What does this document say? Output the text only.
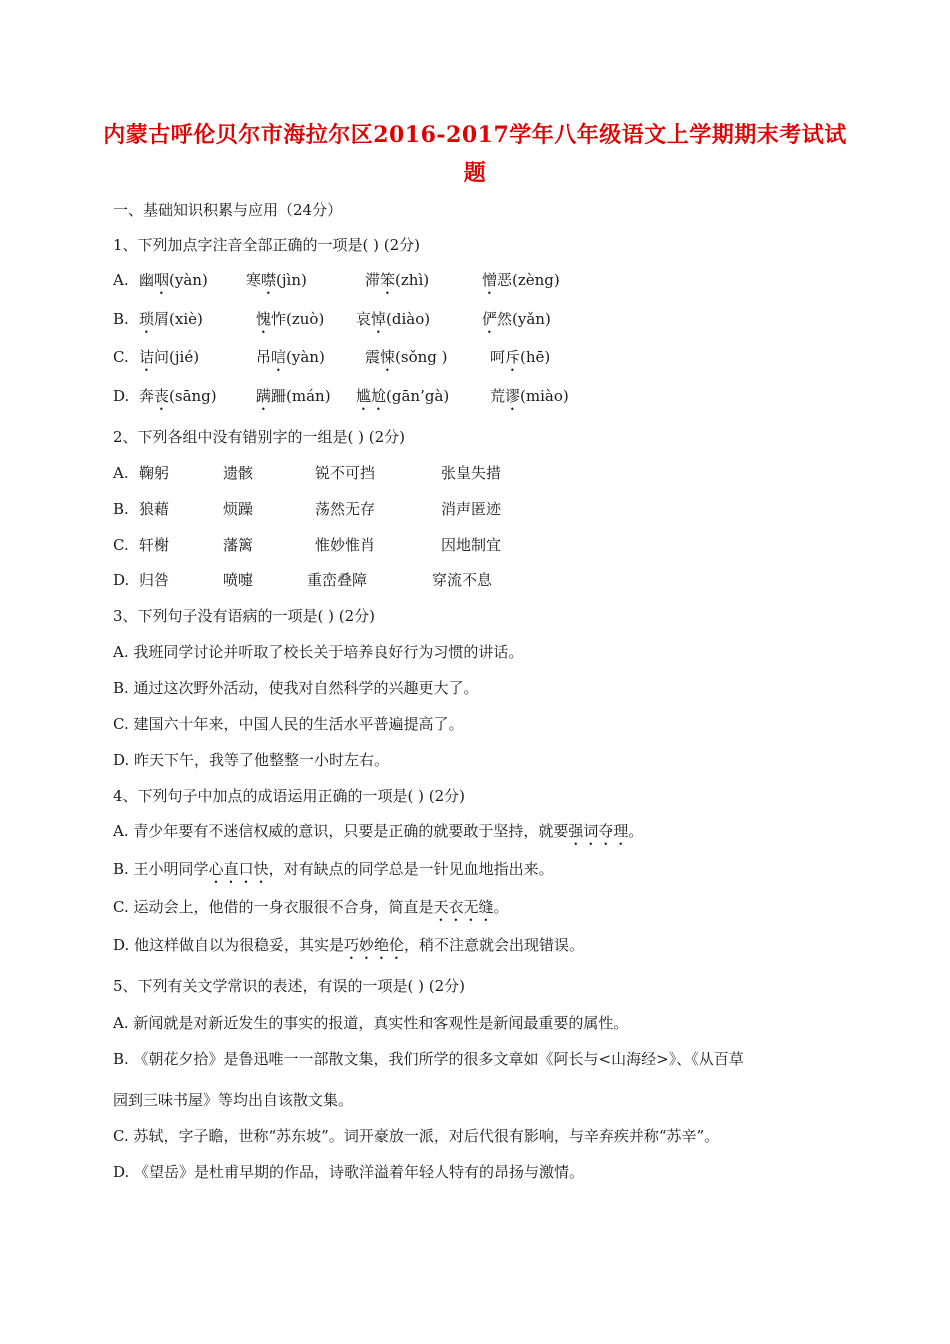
内蒙古呼伦贝尔市海拉尔区2016-2017学年八年级语文上学期期末考试试
题
一、基础知识积累与应用（24分）
1、下列加点字注音全部正确的一项是( ) (2分)
A. 幽咽(yàn)	寒噤(jìn)	滞笨(zhì)	憎恶(zèng)
B. 琐屑(xiè)	愧怍(zuò) 哀悼(diào)	俨然(yǎn)
C. 诘问(jié)	吊唁(yàn)	震悚(sǒng )	呵斥(hē)
D. 奔丧(sāng)	蹒跚(mán) 尴尬(gān’gà)	荒谬(miào)
2、下列各组中没有错别字的一组是( ) (2分)
A. 鞠躬	遗骸	锐不可挡	张皇失措
B. 狼藉	烦躁	荡然无存	消声匿迹
C. 轩榭	藩篱	惟妙惟肖	因地制宜
D. 归咎	喷嚏	重峦叠障	穿流不息
3、下列句子没有语病的一项是( ) (2分)
A. 我班同学讨论并听取了校长关于培养良好行为习惯的讲话。
B. 通过这次野外活动，使我对自然科学的兴趣更大了。
C. 建国六十年来，中国人民的生活水平普遍提高了。
D. 昨天下午，我等了他整整一小时左右。
4、下列句子中加点的成语运用正确的一项是( ) (2分)
A. 青少年要有不迷信权威的意识，只要是正确的就要敢于坚持，就要强词夺理。
B. 王小明同学心直口快，对有缺点的同学总是一针见血地指出来。
C. 运动会上，他借的一身衣服很不合身，简直是天衣无缝。
D. 他这样做自以为很稳妥，其实是巧妙绝伦，稍不注意就会出现错误。
5、下列有关文学常识的表述，有误的一项是( ) (2分)
A. 新闻就是对新近发生的事实的报道，真实性和客观性是新闻最重要的属性。
B. 《朝花夕拾》是鲁迅唯一一部散文集，我们所学的很多文章如《阿长与<山海经>》、《从百草
园到三味书屋》等均出自该散文集。
C. 苏轼，字子瞻，世称“苏东坡”。词开豪放一派，对后代很有影响，与辛弃疾并称“苏辛”。
D. 《望岳》是杜甫早期的作品，诗歌洋溢着年轻人特有的昂扬与激情。
